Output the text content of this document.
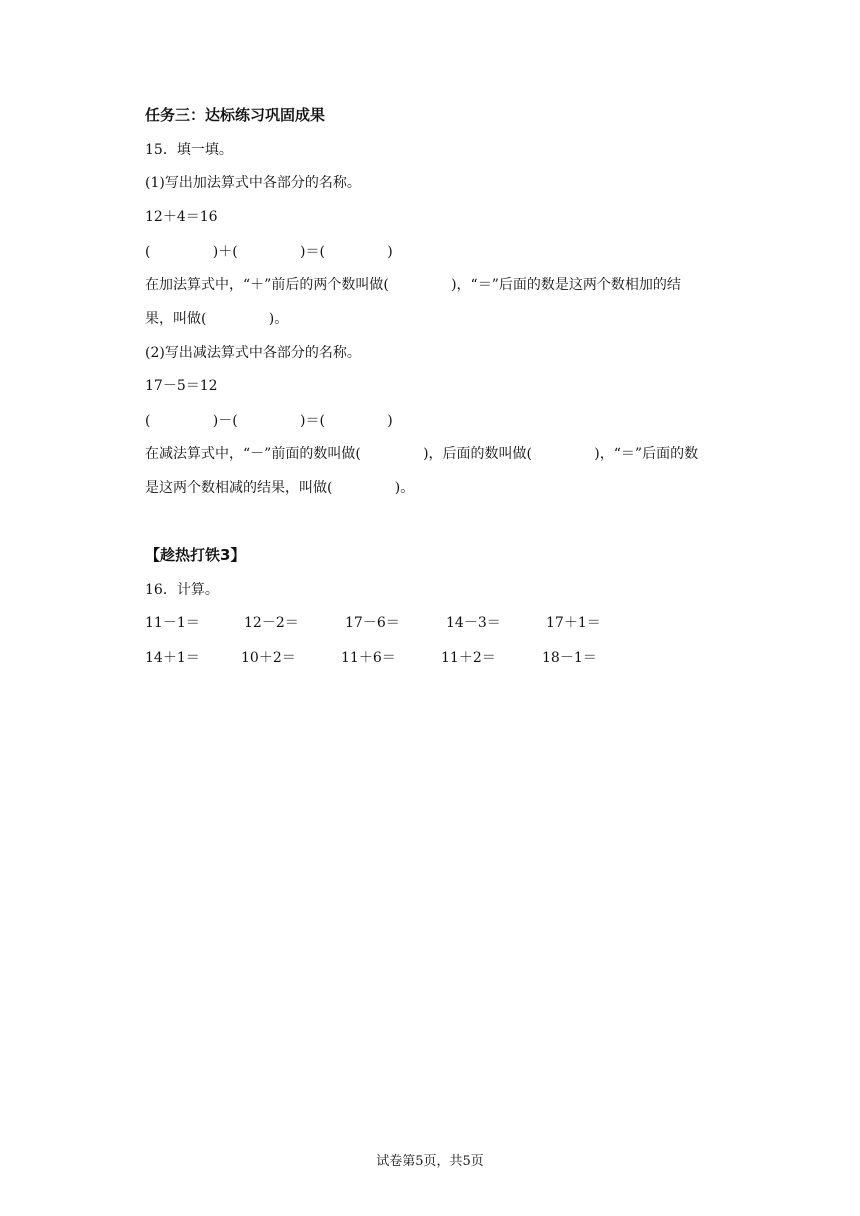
任务三：达标练习巩固成果
15．填一填。
(1)写出加法算式中各部分的名称。
12＋4＝16
(              )＋(              )＝(              )
在加法算式中，“＋”前后的两个数叫做(              )，“＝”后面的数是这两个数相加的结
果，叫做(              )。
(2)写出减法算式中各部分的名称。
17－5＝12
(              )－(              )＝(              )
在减法算式中，“－”前面的数叫做(              )，后面的数叫做(              )，“＝”后面的数
是这两个数相减的结果，叫做(              )。
【趁热打铁3】
16．计算。
11－1＝	12－2＝	17－6＝	14－3＝	17＋1＝
14＋1＝	10＋2＝	11＋6＝	11＋2＝	18－1＝
试卷第5页，共5页
